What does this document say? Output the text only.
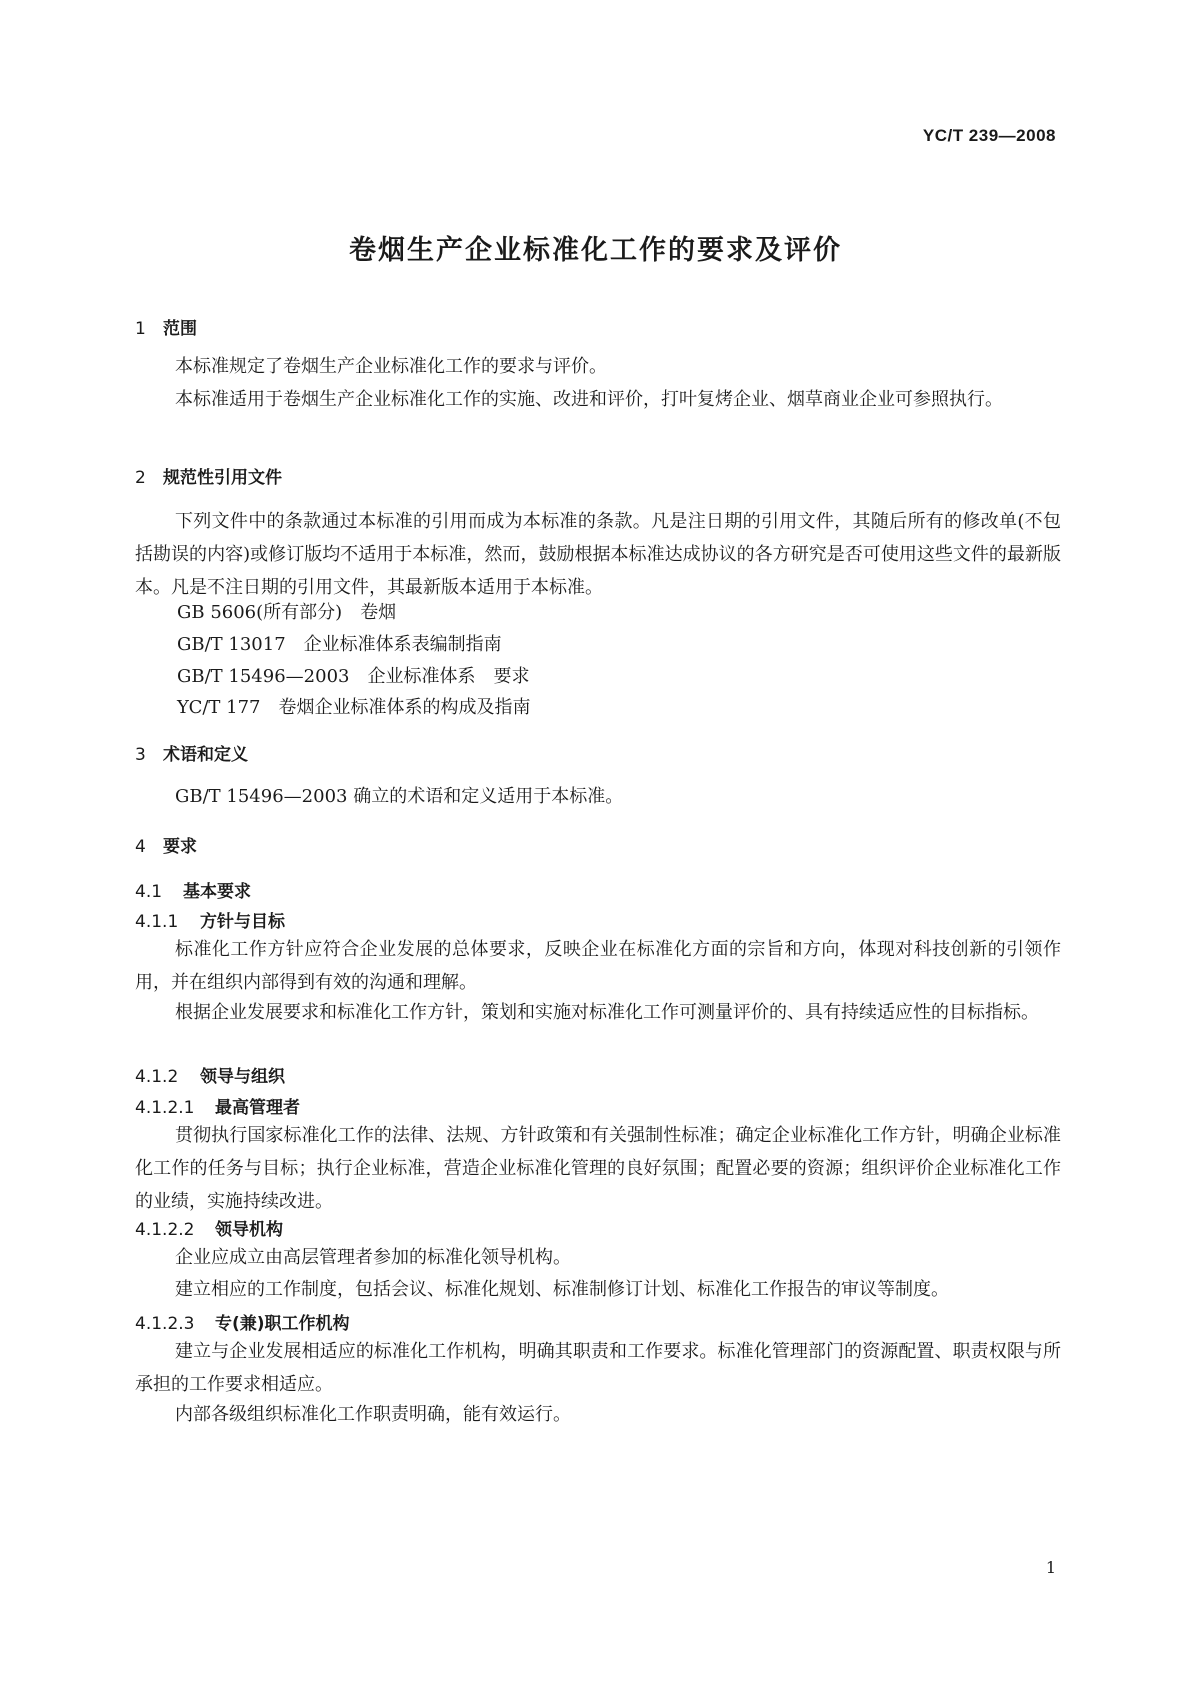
YC/T 239—2008
卷烟生产企业标准化工作的要求及评价
1 范围
本标准规定了卷烟生产企业标准化工作的要求与评价。
本标准适用于卷烟生产企业标准化工作的实施、改进和评价，打叶复烤企业、烟草商业企业可参照执行。
2 规范性引用文件
下列文件中的条款通过本标准的引用而成为本标准的条款。凡是注日期的引用文件，其随后所有的修改单(不包括勘误的内容)或修订版均不适用于本标准，然而，鼓励根据本标准达成协议的各方研究是否可使用这些文件的最新版本。凡是不注日期的引用文件，其最新版本适用于本标准。
GB 5606(所有部分) 卷烟
GB/T 13017 企业标准体系表编制指南
GB/T 15496—2003 企业标准体系　要求
YC/T 177 卷烟企业标准体系的构成及指南
3 术语和定义
GB/T 15496—2003 确立的术语和定义适用于本标准。
4 要求
4.1 基本要求
4.1.1 方针与目标
标准化工作方针应符合企业发展的总体要求，反映企业在标准化方面的宗旨和方向，体现对科技创新的引领作用，并在组织内部得到有效的沟通和理解。
根据企业发展要求和标准化工作方针，策划和实施对标准化工作可测量评价的、具有持续适应性的目标指标。
4.1.2 领导与组织
4.1.2.1 最高管理者
贯彻执行国家标准化工作的法律、法规、方针政策和有关强制性标准；确定企业标准化工作方针，明确企业标准化工作的任务与目标；执行企业标准，营造企业标准化管理的良好氛围；配置必要的资源；组织评价企业标准化工作的业绩，实施持续改进。
4.1.2.2 领导机构
企业应成立由高层管理者参加的标准化领导机构。
建立相应的工作制度，包括会议、标准化规划、标准制修订计划、标准化工作报告的审议等制度。
4.1.2.3 专(兼)职工作机构
建立与企业发展相适应的标准化工作机构，明确其职责和工作要求。标准化管理部门的资源配置、职责权限与所承担的工作要求相适应。
内部各级组织标准化工作职责明确，能有效运行。
1
